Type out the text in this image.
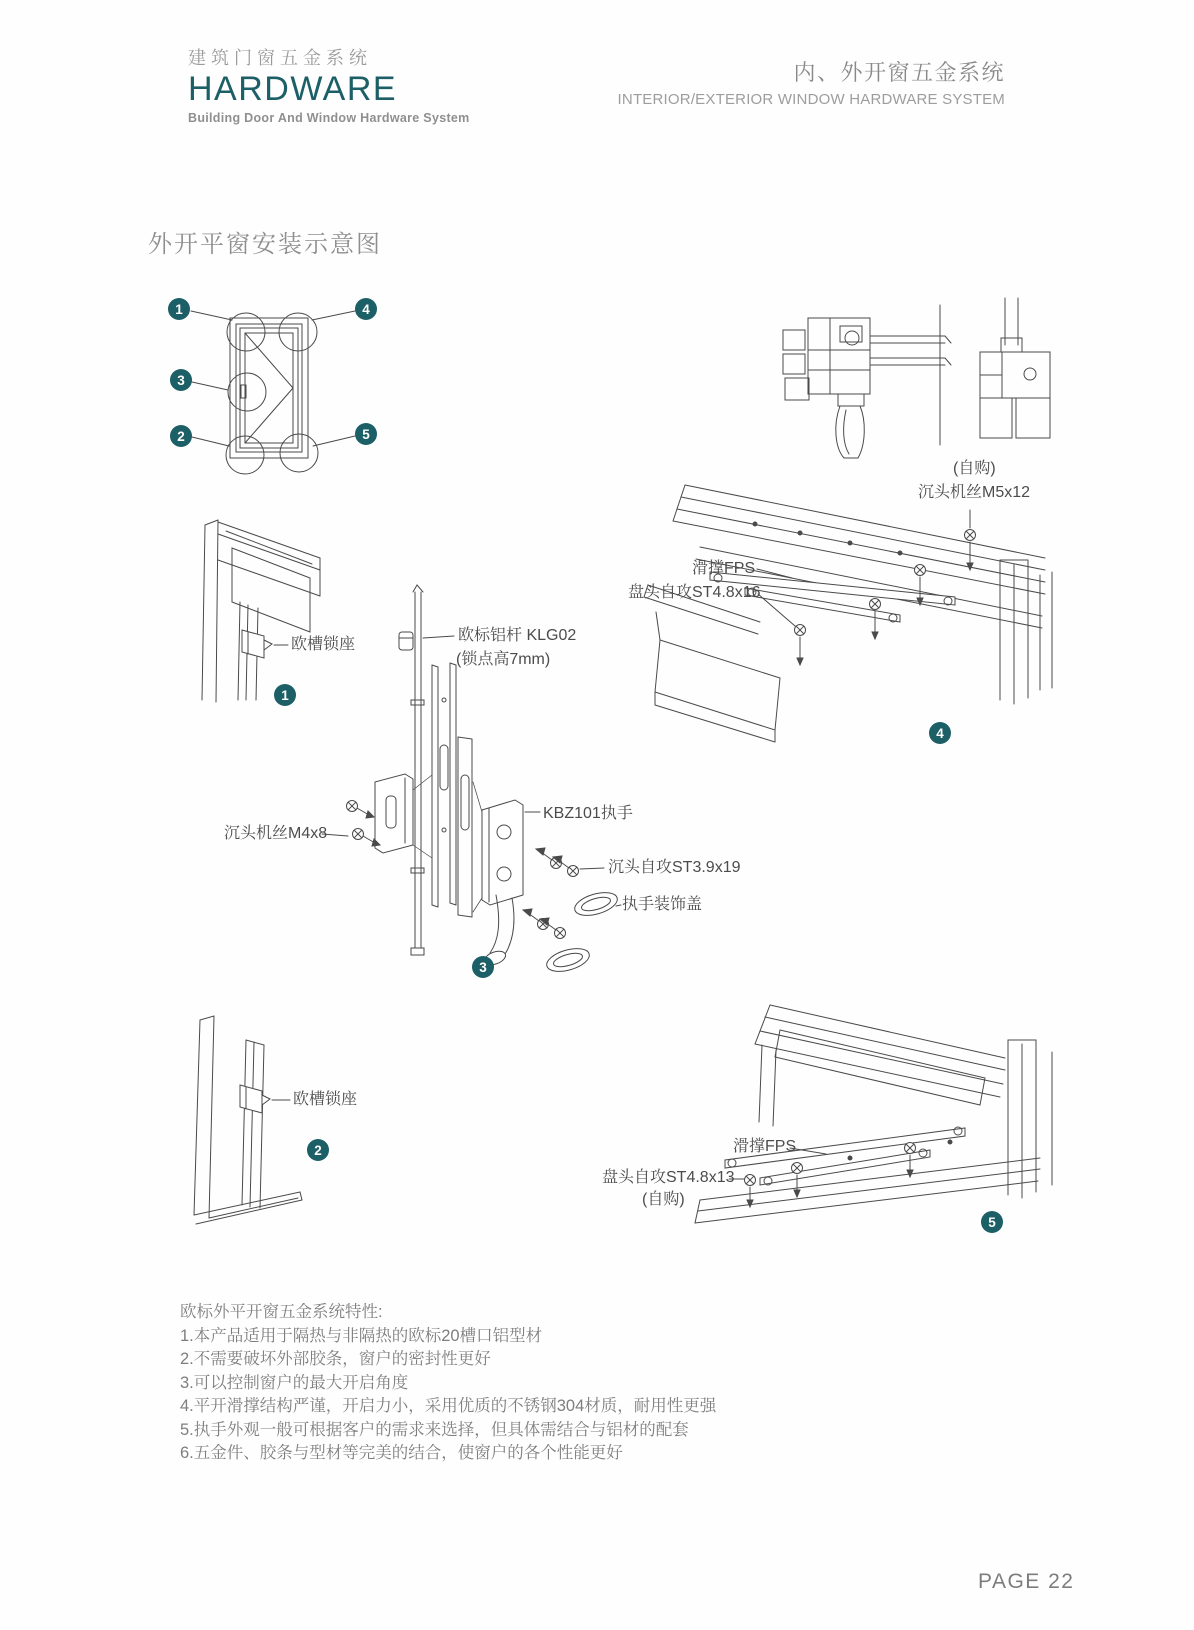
建筑门窗五金系统
HARDWARE
Building Door And Window Hardware System
内、外开窗五金系统
INTERIOR/EXTERIOR WINDOW HARDWARE SYSTEM
外开平窗安装示意图
1	4
3
2	5
1
2
3
4
5
欧槽锁座
欧槽锁座
欧标铝杆 KLG02
(锁点高7mm)
沉头机丝M4x8
KBZ101执手
沉头自攻ST3.9x19
执手装饰盖
(自购)
沉头机丝M5x12
滑撑FPS
盘头自攻ST4.8x16
滑撑FPS
盘头自攻ST4.8x13
(自购)
欧标外平开窗五金系统特性:
1.本产品适用于隔热与非隔热的欧标20槽口铝型材
2.不需要破坏外部胶条，窗户的密封性更好
3.可以控制窗户的最大开启角度
4.平开滑撑结构严谨，开启力小，采用优质的不锈钢304材质，耐用性更强
5.执手外观一般可根据客户的需求来选择，但具体需结合与铝材的配套
6.五金件、胶条与型材等完美的结合，使窗户的各个性能更好
PAGE 22
